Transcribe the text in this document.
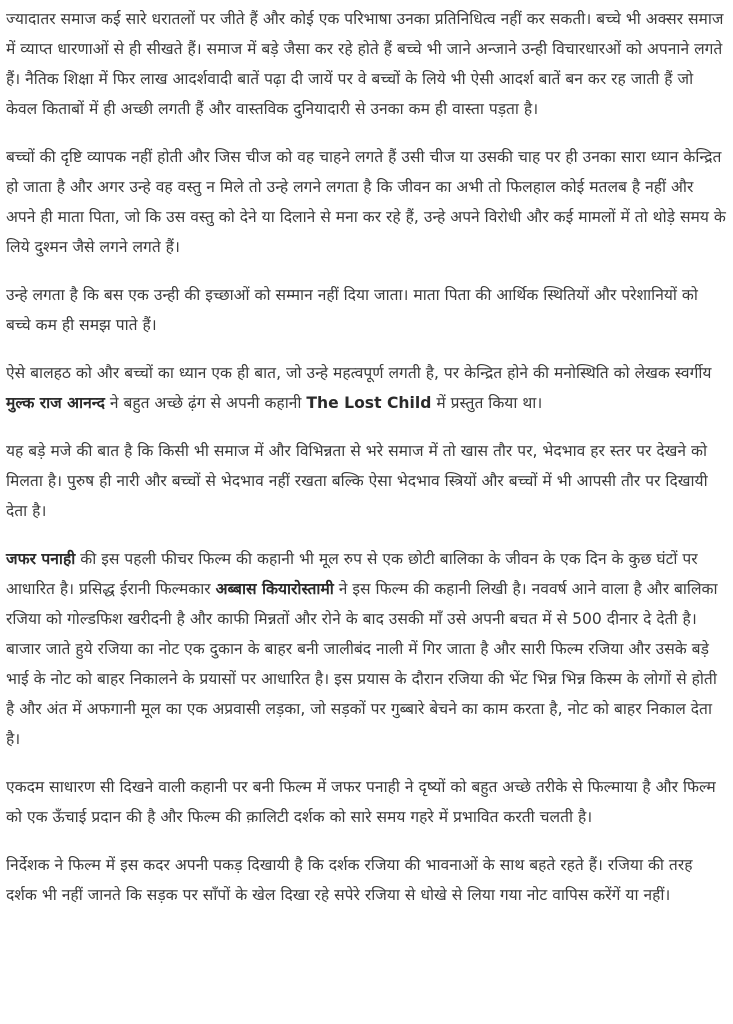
ज्यादातर समाज कई सारे धरातलों पर जीते हैं और कोई एक परिभाषा उनका प्रतिनिधित्व नहीं कर सकती। बच्चे भी अक्सर समाज में व्याप्त धारणाओं से ही सीखते हैं। समाज में बड़े जैसा कर रहे होते हैं बच्चे भी जाने अन्जाने उन्ही विचारधारओं को अपनाने लगते हैं। नैतिक शिक्षा में फिर लाख आदर्शवादी बातें पढ़ा दी जायें पर वे बच्चों के लिये भी ऐसी आदर्श बातें बन कर रह जाती हैं जो केवल किताबों में ही अच्छी लगती हैं और वास्तविक दुनियादारी से उनका कम ही वास्ता पड़ता है।

बच्चों की दृष्टि व्यापक नहीं होती और जिस चीज को वह चाहने लगते हैं उसी चीज या उसकी चाह पर ही उनका सारा ध्यान केन्द्रित हो जाता है और अगर उन्हे वह वस्तु न मिले तो उन्हे लगने लगता है कि जीवन का अभी तो फिलहाल कोई मतलब है नहीं और अपने ही माता पिता, जो कि उस वस्तु को देने या दिलाने से मना कर रहे हैं, उन्हे अपने विरोधी और कई मामलों में तो थोड़े समय के लिये दुश्मन जैसे लगने लगते हैं।

उन्हे लगता है कि बस एक उन्ही की इच्छाओं को सम्मान नहीं दिया जाता। माता पिता की आर्थिक स्थितियों और परेशानियों को बच्चे कम ही समझ पाते हैं।

ऐसे बालहठ को और बच्चों का ध्यान एक ही बात, जो उन्हे महत्वपूर्ण लगती है, पर केन्द्रित होने की मनोस्थिति को लेखक स्वर्गीय मुल्क राज आनन्द ने बहुत अच्छे ढ़ंग से अपनी कहानी The Lost Child में प्रस्तुत किया था।

यह बड़े मजे की बात है कि किसी भी समाज में और विभिन्नता से भरे समाज में तो खास तौर पर, भेदभाव हर स्तर पर देखने को मिलता है। पुरुष ही नारी और बच्चों से भेदभाव नहीं रखता बल्कि ऐसा भेदभाव स्त्रियों और बच्चों में भी आपसी तौर पर दिखायी देता है।

जफर पनाही की इस पहली फीचर फिल्म की कहानी भी मूल रुप से एक छोटी बालिका के जीवन के एक दिन के कुछ घंटों पर आधारित है। प्रसिद्ध ईरानी फिल्मकार अब्बास कियारोस्तामी ने इस फिल्म की कहानी लिखी है। नववर्ष आने वाला है और बालिका रजिया को गोल्डफिश खरीदनी है और काफी मिन्नतों और रोने के बाद उसकी माँ उसे अपनी बचत में से 500 दीनार दे देती है। बाजार जाते हुये रजिया का नोट एक दुकान के बाहर बनी जालीबंद नाली में गिर जाता है और सारी फिल्म रजिया और उसके बड़े भाई के नोट को बाहर निकालने के प्रयासों पर आधारित है। इस प्रयास के दौरान रजिया की भेंट भिन्न भिन्न किस्म के लोगों से होती है और अंत में अफगानी मूल का एक अप्रवासी लड़का, जो सड़कों पर गुब्बारे बेचने का काम करता है, नोट को बाहर निकाल देता है।

एकदम साधारण सी दिखने वाली कहानी पर बनी फिल्म में जफर पनाही ने दृष्यों को बहुत अच्छे तरीके से फिल्माया है और फिल्म को एक ऊँचाई प्रदान की है और फिल्म की क़ालिटी दर्शक को सारे समय गहरे में प्रभावित करती चलती है।

निर्देशक ने फिल्म में इस कदर अपनी पकड़ दिखायी है कि दर्शक रजिया की भावनाओं के साथ बहते रहते हैं। रजिया की तरह दर्शक भी नहीं जानते कि सड़क पर साँपों के खेल दिखा रहे सपेरे रजिया से धोखे से लिया गया नोट वापिस करेंगें या नहीं।
